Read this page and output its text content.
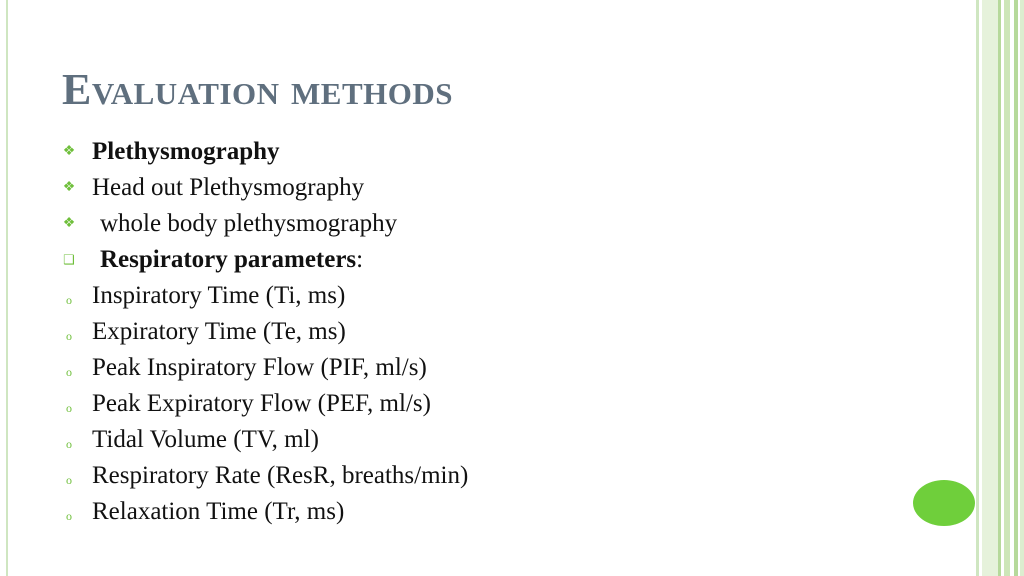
Evaluation methods
❖ Plethysmography
❖ Head out Plethysmography
❖ whole body plethysmography
❑ Respiratory parameters:
o Inspiratory Time (Ti, ms)
o Expiratory Time (Te, ms)
o Peak Inspiratory Flow (PIF, ml/s)
o Peak Expiratory Flow (PEF, ml/s)
o Tidal Volume (TV, ml)
o Respiratory Rate (ResR, breaths/min)
o Relaxation Time (Tr, ms)
